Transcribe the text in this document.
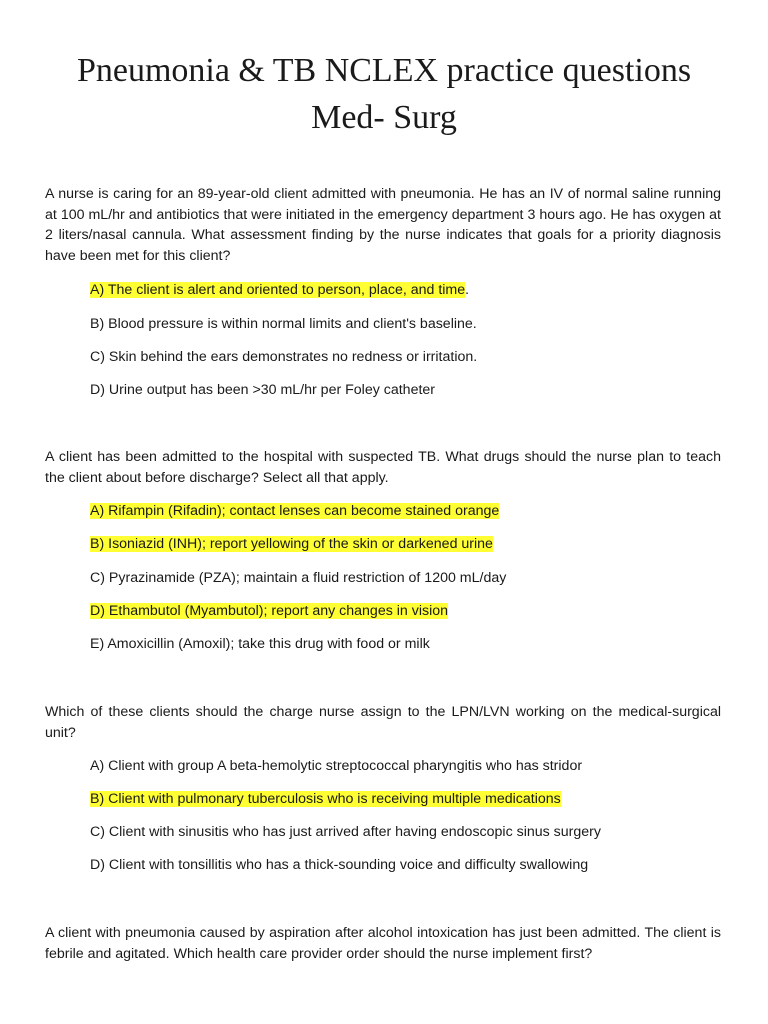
Pneumonia & TB NCLEX practice questions
Med- Surg

A nurse is caring for an 89-year-old client admitted with pneumonia. He has an IV of normal saline running at 100 mL/hr and antibiotics that were initiated in the emergency department 3 hours ago. He has oxygen at 2 liters/nasal cannula. What assessment finding by the nurse indicates that goals for a priority diagnosis have been met for this client?

A) The client is alert and oriented to person, place, and time.

B) Blood pressure is within normal limits and client's baseline.

C) Skin behind the ears demonstrates no redness or irritation.

D) Urine output has been >30 mL/hr per Foley catheter

A client has been admitted to the hospital with suspected TB. What drugs should the nurse plan to teach the client about before discharge? Select all that apply.

A) Rifampin (Rifadin); contact lenses can become stained orange

B) Isoniazid (INH); report yellowing of the skin or darkened urine

C) Pyrazinamide (PZA); maintain a fluid restriction of 1200 mL/day

D) Ethambutol (Myambutol); report any changes in vision

E) Amoxicillin (Amoxil); take this drug with food or milk

Which of these clients should the charge nurse assign to the LPN/LVN working on the medical-surgical unit?

A) Client with group A beta-hemolytic streptococcal pharyngitis who has stridor

B) Client with pulmonary tuberculosis who is receiving multiple medications

C) Client with sinusitis who has just arrived after having endoscopic sinus surgery

D) Client with tonsillitis who has a thick-sounding voice and difficulty swallowing

A client with pneumonia caused by aspiration after alcohol intoxication has just been admitted. The client is febrile and agitated. Which health care provider order should the nurse implement first?
